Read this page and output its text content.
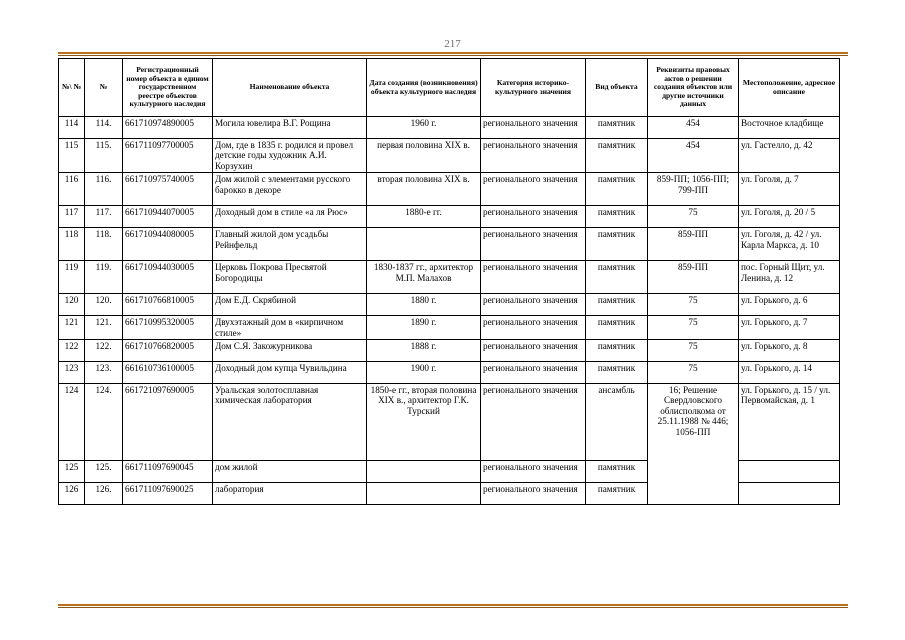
217
№\ №	№	Регистрационный номер объекта в едином государственном реестре объектов культурного наследия	Наименование объекта	Дата создания (возникновения) объекта культурного наследия	Категория историко-культурного значения	Вид объекта	Реквизиты правовых актов о решении создания объектов или другие источники данных	Местоположение, адресное описание
114	114.	661710974890005	Могила ювелира В.Г. Рощина	1960 г.	регионального значения	памятник	454	Восточное кладбище
115	115.	661711097700005	Дом, где в 1835 г. родился и провел детские годы художник А.И. Корзухин	первая половина XIX в.	регионального значения	памятник	454	ул. Гастелло, д. 42
116	116.	661710975740005	Дом жилой с элементами русского барокко в декоре	вторая половина XIX в.	регионального значения	памятник	859-ПП; 1056-ПП; 799-ПП	ул. Гоголя, д. 7
117	117.	661710944070005	Доходный дом в стиле «а ля Рюс»	1880-е гг.	регионального значения	памятник	75	ул. Гоголя, д. 20 / 5
118	118.	661710944080005	Главный жилой дом усадьбы Рейнфельд		регионального значения	памятник	859-ПП	ул. Гоголя, д. 42 / ул. Карла Маркса, д. 10
119	119.	661710944030005	Церковь Покрова Пресвятой Богородицы	1830-1837 гг., архитектор М.П. Малахов	регионального значения	памятник	859-ПП	пос. Горный Щит, ул. Ленина, д. 12
120	120.	661710766810005	Дом Е.Д. Скрябиной	1880 г.	регионального значения	памятник	75	ул. Горького, д. 6
121	121.	661710995320005	Двухэтажный дом в «кирпичном стиле»	1890 г.	регионального значения	памятник	75	ул. Горького, д. 7
122	122.	661710766820005	Дом С.Я. Закожурникова	1888 г.	регионального значения	памятник	75	ул. Горького, д. 8
123	123.	661610736100005	Доходный дом купца Чувильдина	1900 г.	регионального значения	памятник	75	ул. Горького, д. 14
124	124.	661721097690005	Уральская золотосплавная химическая лаборатория	1850-е гг., вторая половина XIX в., архитектор Г.К. Турский	регионального значения	ансамбль	16; Решение Свердловского облисполкома от 25.11.1988 № 446; 1056-ПП	ул. Горького, д. 15 / ул. Первомайская, д. 1
125	125.	661711097690045	дом жилой		регионального значения	памятник		
126	126.	661711097690025	лаборатория		регионального значения	памятник		
